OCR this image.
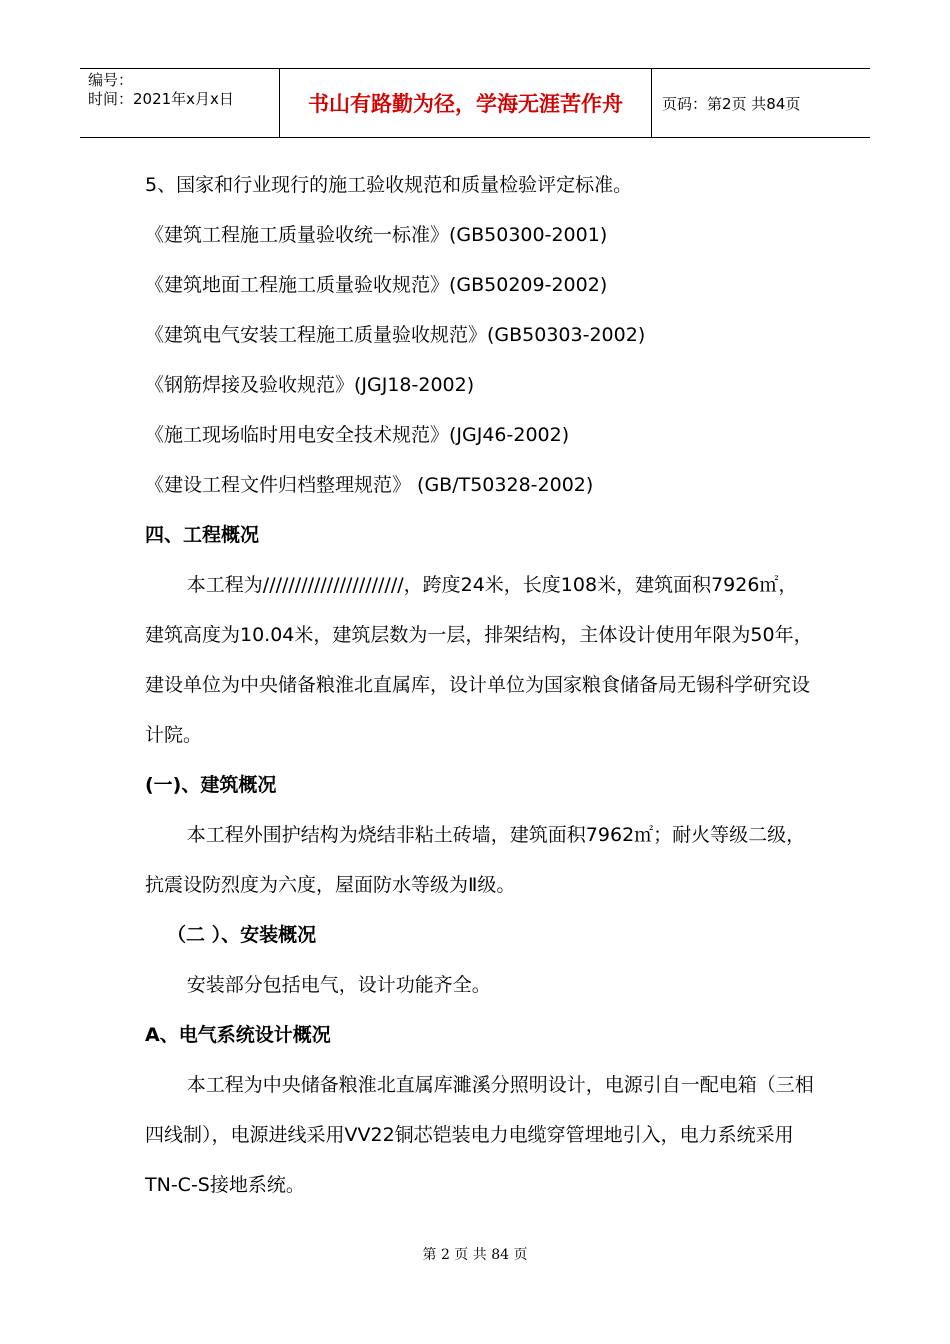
编号：
时间：2021年x月x日	书山有路勤为径，学海无涯苦作舟	页码：第2页 共84页
5、国家和行业现行的施工验收规范和质量检验评定标准。
《建筑工程施工质量验收统一标准》(GB50300-2001)
《建筑地面工程施工质量验收规范》(GB50209-2002)
《建筑电气安装工程施工质量验收规范》(GB50303-2002)
《钢筋焊接及验收规范》(JGJ18-2002)
《施工现场临时用电安全技术规范》(JGJ46-2002)
《建设工程文件归档整理规范》 (GB/T50328-2002)
四、工程概况
本工程为//////////////////////，跨度24米，长度108米，建筑面积7926㎡，建筑高度为10.04米，建筑层数为一层，排架结构，主体设计使用年限为50年，建设单位为中央储备粮淮北直属库，设计单位为国家粮食储备局无锡科学研究设计院。
(一)、建筑概况
本工程外围护结构为烧结非粘土砖墙，建筑面积7962㎡；耐火等级二级，抗震设防烈度为六度，屋面防水等级为Ⅱ级。
（二 ）、安装概况
安装部分包括电气，设计功能齐全。
A、电气系统设计概况
本工程为中央储备粮淮北直属库濉溪分照明设计，电源引自一配电箱（三相四线制），电源进线采用VV22铜芯铠装电力电缆穿管埋地引入，电力系统采用TN-C-S接地系统。
第 2 页 共 84 页
